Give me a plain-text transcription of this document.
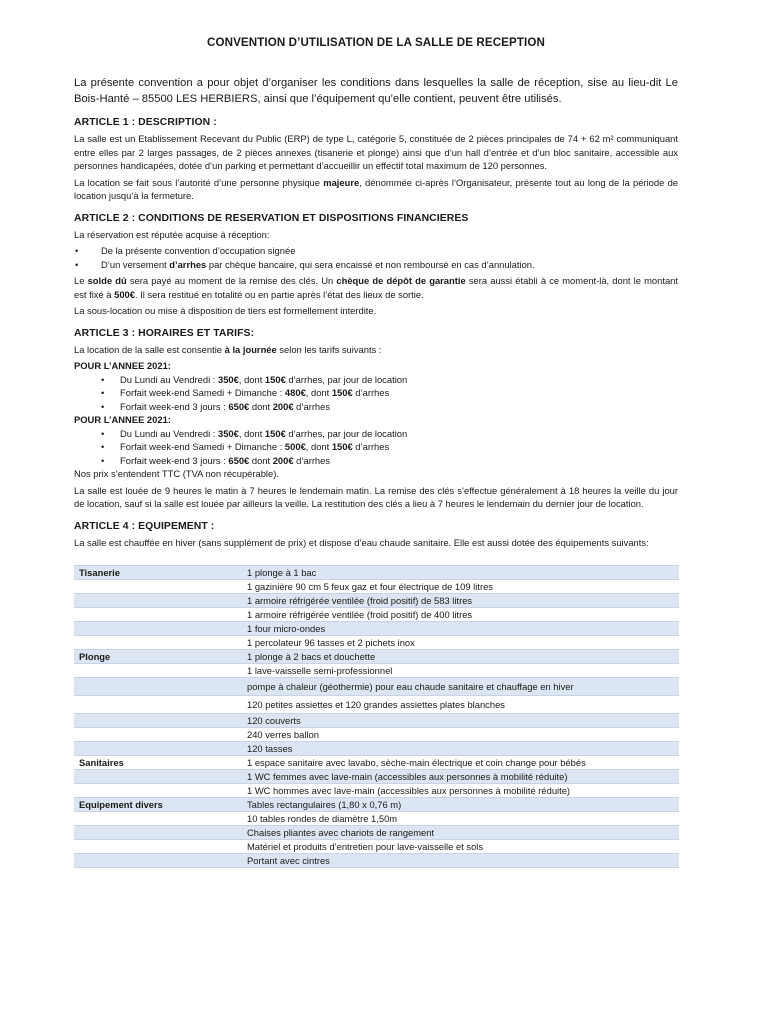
CONVENTION D’UTILISATION DE LA SALLE DE RECEPTION

La présente convention a pour objet d’organiser les conditions dans lesquelles la salle de réception, sise au lieu-dit Le Bois-Hanté – 85500 LES HERBIERS, ainsi que l’équipement qu’elle contient, peuvent être utilisés.

ARTICLE 1 : DESCRIPTION :

La salle est un Etablissement Recevant du Public (ERP) de type L, catégorie 5, constituée de 2 pièces principales de 74 + 62 m² communiquant entre elles par 2 larges passages, de 2 pièces annexes (tisanerie et plonge) ainsi que d’un hall d’entrée et d’un bloc sanitaire, accessible aux personnes handicapées, dotée d’un parking et permettant d’accueillir un effectif total maximum de 120 personnes.

La location se fait sous l’autorité d’une personne physique majeure, dénommée ci-après l’Organisateur, présente tout au long de la période de location jusqu’à la fermeture.

ARTICLE 2 : CONDITIONS DE RESERVATION ET DISPOSITIONS FINANCIERES

La réservation est réputée acquise à réception:

• De la présente convention d’occupation signée
• D’un versement d’arrhes par chèque bancaire, qui sera encaissé et non remboursé en cas d’annulation.

Le solde dû sera payé au moment de la remise des clés. Un chèque de dépôt de garantie sera aussi établi à ce moment-là, dont le montant est fixé à 500€. Il sera restitué en totalité ou en partie après l’état des lieux de sortie.

La sous-location ou mise à disposition de tiers est formellement interdite.

ARTICLE 3 : HORAIRES ET TARIFS:

La location de la salle est consentie à la journée selon les tarifs suivants :

POUR L’ANNEE 2021:
• Du Lundi au Vendredi : 350€, dont 150€ d’arrhes, par jour de location
• Forfait week-end Samedi + Dimanche : 480€, dont 150€ d’arrhes
• Forfait week-end 3 jours : 650€ dont 200€ d’arrhes
POUR L’ANNEE 2021:
• Du Lundi au Vendredi : 350€, dont 150€ d’arrhes, par jour de location
• Forfait week-end Samedi + Dimanche : 500€, dont 150€ d’arrhes
• Forfait week-end 3 jours : 650€ dont 200€ d’arrhes

Nos prix s’entendent TTC (TVA non récupérable).

La salle est louée de 9 heures le matin à 7 heures le lendemain matin. La remise des clés s’effectue généralement à 18 heures la veille du jour de location, sauf si la salle est louée par ailleurs la veille. La restitution des clés a lieu à 7 heures le lendemain du dernier jour de location.

ARTICLE 4 : EQUIPEMENT :

La salle est chauffée en hiver (sans supplément de prix) et dispose d’eau chaude sanitaire. Elle est aussi dotée des équipements suivants:

Tisanerie	1 plonge à 1 bac
	1 gazinière 90 cm 5 feux gaz et four électrique de 109 litres
	1 armoire réfrigérée ventilée (froid positif) de 583 litres
	1 armoire réfrigérée ventilée (froid positif) de 400 litres
	1 four micro-ondes
	1 percolateur 96 tasses et 2 pichets inox
Plonge	1 plonge à 2 bacs et douchette
	1 lave-vaisselle semi-professionnel
	pompe à chaleur (géothermie) pour eau chaude sanitaire et chauffage en hiver
	120 petites assiettes et 120 grandes assiettes plates blanches
	120 couverts
	240 verres ballon
	120 tasses
Sanitaires	1 espace sanitaire avec lavabo, sèche-main électrique et coin change pour bébés
	1 WC femmes avec lave-main (accessibles aux personnes à mobilité réduite)
	1 WC hommes avec lave-main (accessibles aux personnes à mobilité réduite)
Equipement divers	Tables rectangulaires (1,80 x 0,76 m)
	10 tables rondes de diamètre 1,50m
	Chaises pliantes avec chariots de rangement
	Matériel et produits d’entretien pour lave-vaisselle et sols
	Portant avec cintres
